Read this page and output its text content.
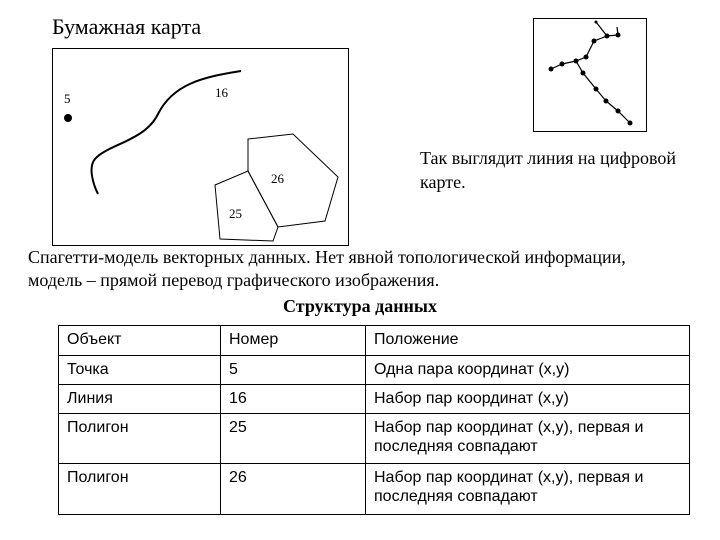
Бумажная карта
5	16
26
25
Так выглядит линия на цифровой карте.
Спагетти-модель векторных данных. Нет явной топологической информации,
модель – прямой перевод графического изображения.
Структура данных
Объект	Номер	Положение
Точка	5	Одна пара координат (x,y)
Линия	16	Набор пар координат (x,y)
Полигон	25	Набор пар координат (x,y), первая и последняя совпадают
Полигон	26	Набор пар координат (x,y), первая и последняя совпадают
